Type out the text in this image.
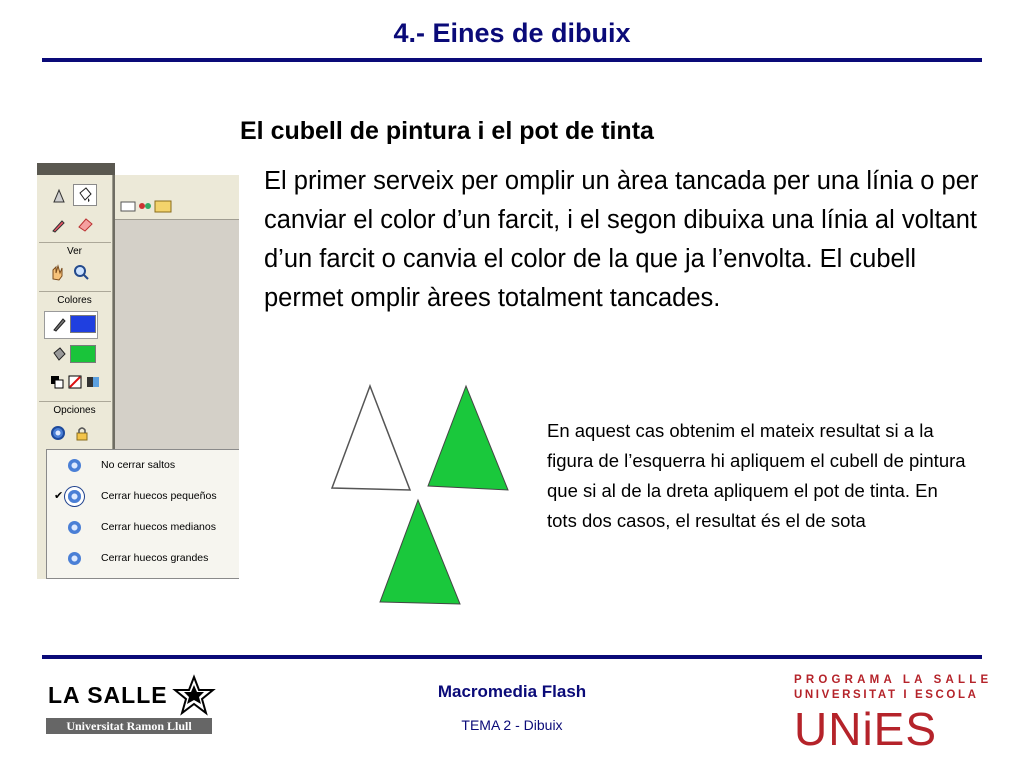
4.- Eines de dibuix
El cubell de pintura i el pot de tinta
El primer serveix per omplir un àrea tancada per una línia o per canviar el color d’un farcit, i el segon dibuixa una línia al voltant d’un farcit o canvia el color de la que ja l’envolta. El cubell permet omplir àrees totalment tancades.
Ver
Colores
Opciones
No cerrar saltos
✔	Cerrar huecos pequeños
Cerrar huecos medianos
Cerrar huecos grandes
En aquest cas obtenim el mateix resultat si a la figura de l’esquerra hi apliquem el cubell de pintura que si al de la dreta apliquem el pot de tinta. En tots dos casos, el resultat és el de sota
LA SALLE
Universitat Ramon Llull
Macromedia Flash
TEMA 2 - Dibuix
PROGRAMA LA SALLE
UNIVERSITAT I ESCOLA
UNiES
